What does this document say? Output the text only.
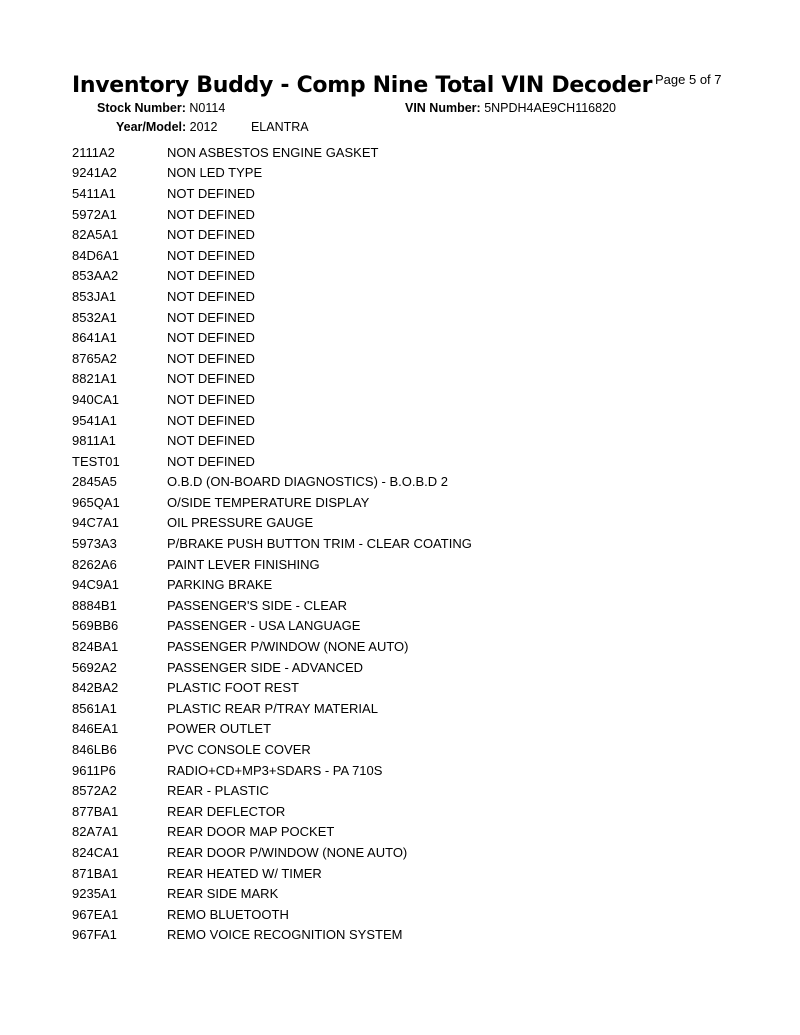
Inventory Buddy - Comp Nine Total VIN Decoder Page 5 of 7
Stock Number: N0114	VIN Number: 5NPDH4AE9CH116820
Year/Model: 2012	ELANTRA
2111A2	NON ASBESTOS ENGINE GASKET
9241A2	NON LED TYPE
5411A1	NOT DEFINED
5972A1	NOT DEFINED
82A5A1	NOT DEFINED
84D6A1	NOT DEFINED
853AA2	NOT DEFINED
853JA1	NOT DEFINED
8532A1	NOT DEFINED
8641A1	NOT DEFINED
8765A2	NOT DEFINED
8821A1	NOT DEFINED
940CA1	NOT DEFINED
9541A1	NOT DEFINED
9811A1	NOT DEFINED
TEST01	NOT DEFINED
2845A5	O.B.D (ON-BOARD DIAGNOSTICS) - B.O.B.D 2
965QA1	O/SIDE TEMPERATURE DISPLAY
94C7A1	OIL PRESSURE GAUGE
5973A3	P/BRAKE PUSH BUTTON TRIM - CLEAR COATING
8262A6	PAINT LEVER FINISHING
94C9A1	PARKING BRAKE
8884B1	PASSENGER'S SIDE - CLEAR
569BB6	PASSENGER - USA LANGUAGE
824BA1	PASSENGER P/WINDOW (NONE AUTO)
5692A2	PASSENGER SIDE - ADVANCED
842BA2	PLASTIC FOOT REST
8561A1	PLASTIC REAR P/TRAY MATERIAL
846EA1	POWER OUTLET
846LB6	PVC CONSOLE COVER
9611P6	RADIO+CD+MP3+SDARS - PA 710S
8572A2	REAR - PLASTIC
877BA1	REAR DEFLECTOR
82A7A1	REAR DOOR MAP POCKET
824CA1	REAR DOOR P/WINDOW (NONE AUTO)
871BA1	REAR HEATED W/ TIMER
9235A1	REAR SIDE MARK
967EA1	REMO BLUETOOTH
967FA1	REMO VOICE RECOGNITION SYSTEM
